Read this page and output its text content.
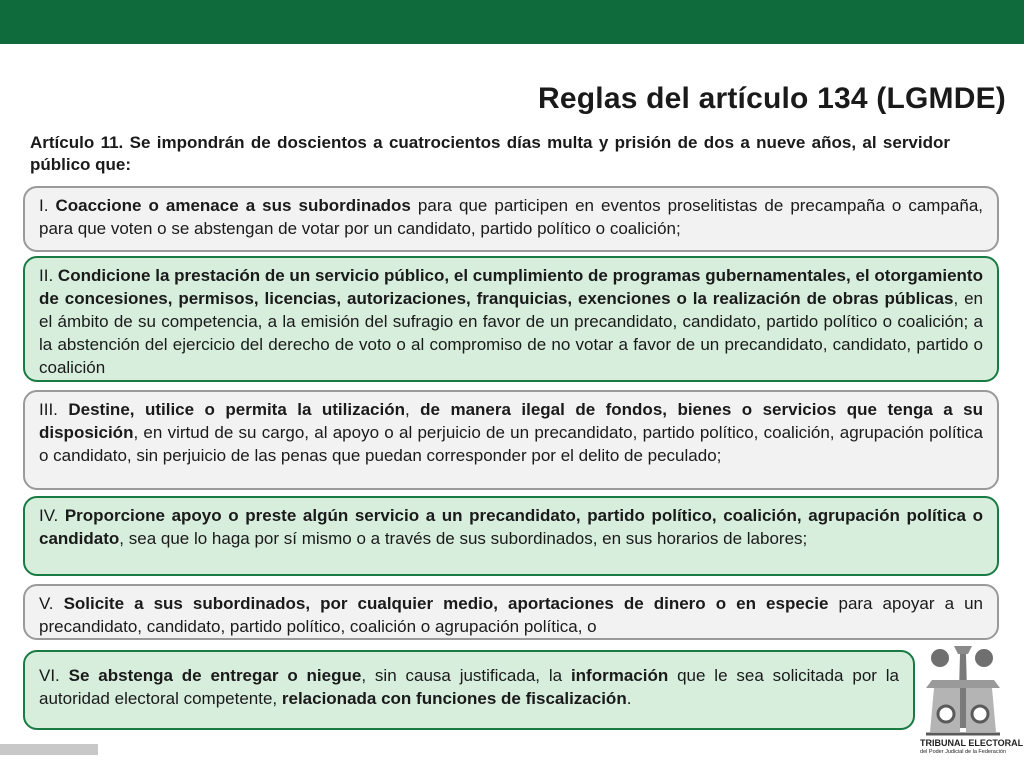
Reglas del artículo 134 (LGMDE)

Artículo 11. Se impondrán de doscientos a cuatrocientos días multa y prisión de dos a nueve años, al servidor público que:

I. Coaccione o amenace a sus subordinados para que participen en eventos proselitistas de precampaña o campaña, para que voten o se abstengan de votar por un candidato, partido político o coalición;

II. Condicione la prestación de un servicio público, el cumplimiento de programas gubernamentales, el otorgamiento de concesiones, permisos, licencias, autorizaciones, franquicias, exenciones o la realización de obras públicas, en el ámbito de su competencia, a la emisión del sufragio en favor de un precandidato, candidato, partido político o coalición; a la abstención del ejercicio del derecho de voto o al compromiso de no votar a favor de un precandidato, candidato, partido o coalición

III. Destine, utilice o permita la utilización, de manera ilegal de fondos, bienes o servicios que tenga a su disposición, en virtud de su cargo, al apoyo o al perjuicio de un precandidato, partido político, coalición, agrupación política o candidato, sin perjuicio de las penas que puedan corresponder por el delito de peculado;

IV. Proporcione apoyo o preste algún servicio a un precandidato, partido político, coalición, agrupación política o candidato, sea que lo haga por sí mismo o a través de sus subordinados, en sus horarios de labores;

V. Solicite a sus subordinados, por cualquier medio, aportaciones de dinero o en especie para apoyar a un precandidato, candidato, partido político, coalición o agrupación política, o

VI. Se abstenga de entregar o niegue, sin causa justificada, la información que le sea solicitada por la autoridad electoral competente, relacionada con funciones de fiscalización.

TRIBUNAL ELECTORAL
del Poder Judicial de la Federación
